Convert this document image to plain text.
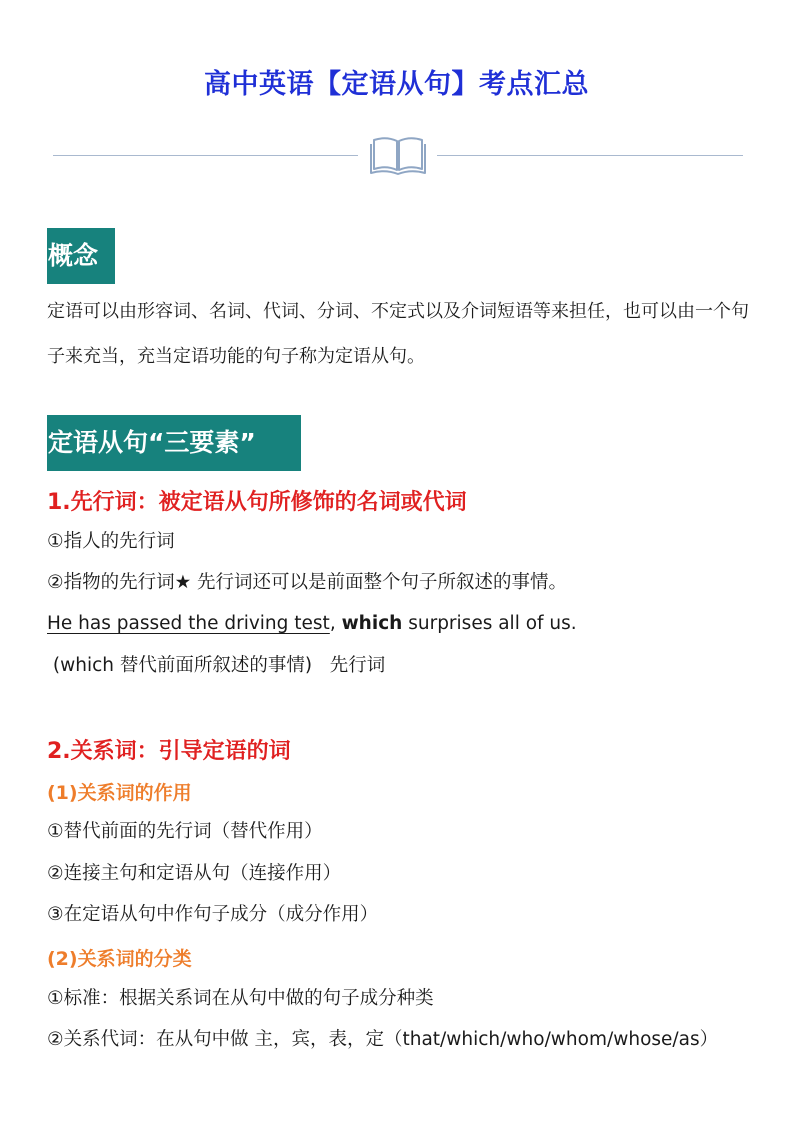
高中英语【定语从句】考点汇总
概念
定语可以由形容词、名词、代词、分词、不定式以及介词短语等来担任，也可以由一个句子来充当，充当定语功能的句子称为定语从句。
定语从句“三要素”
1.先行词：被定语从句所修饰的名词或代词
①指人的先行词
②指物的先行词★ 先行词还可以是前面整个句子所叙述的事情。
He has passed the driving test, which surprises all of us.
(which 替代前面所叙述的事情)   先行词
2.关系词：引导定语的词
(1)关系词的作用
①替代前面的先行词（替代作用）
②连接主句和定语从句（连接作用）
③在定语从句中作句子成分（成分作用）
(2)关系词的分类
①标准：根据关系词在从句中做的句子成分种类
②关系代词：在从句中做 主，宾，表，定（that/which/who/whom/whose/as）
